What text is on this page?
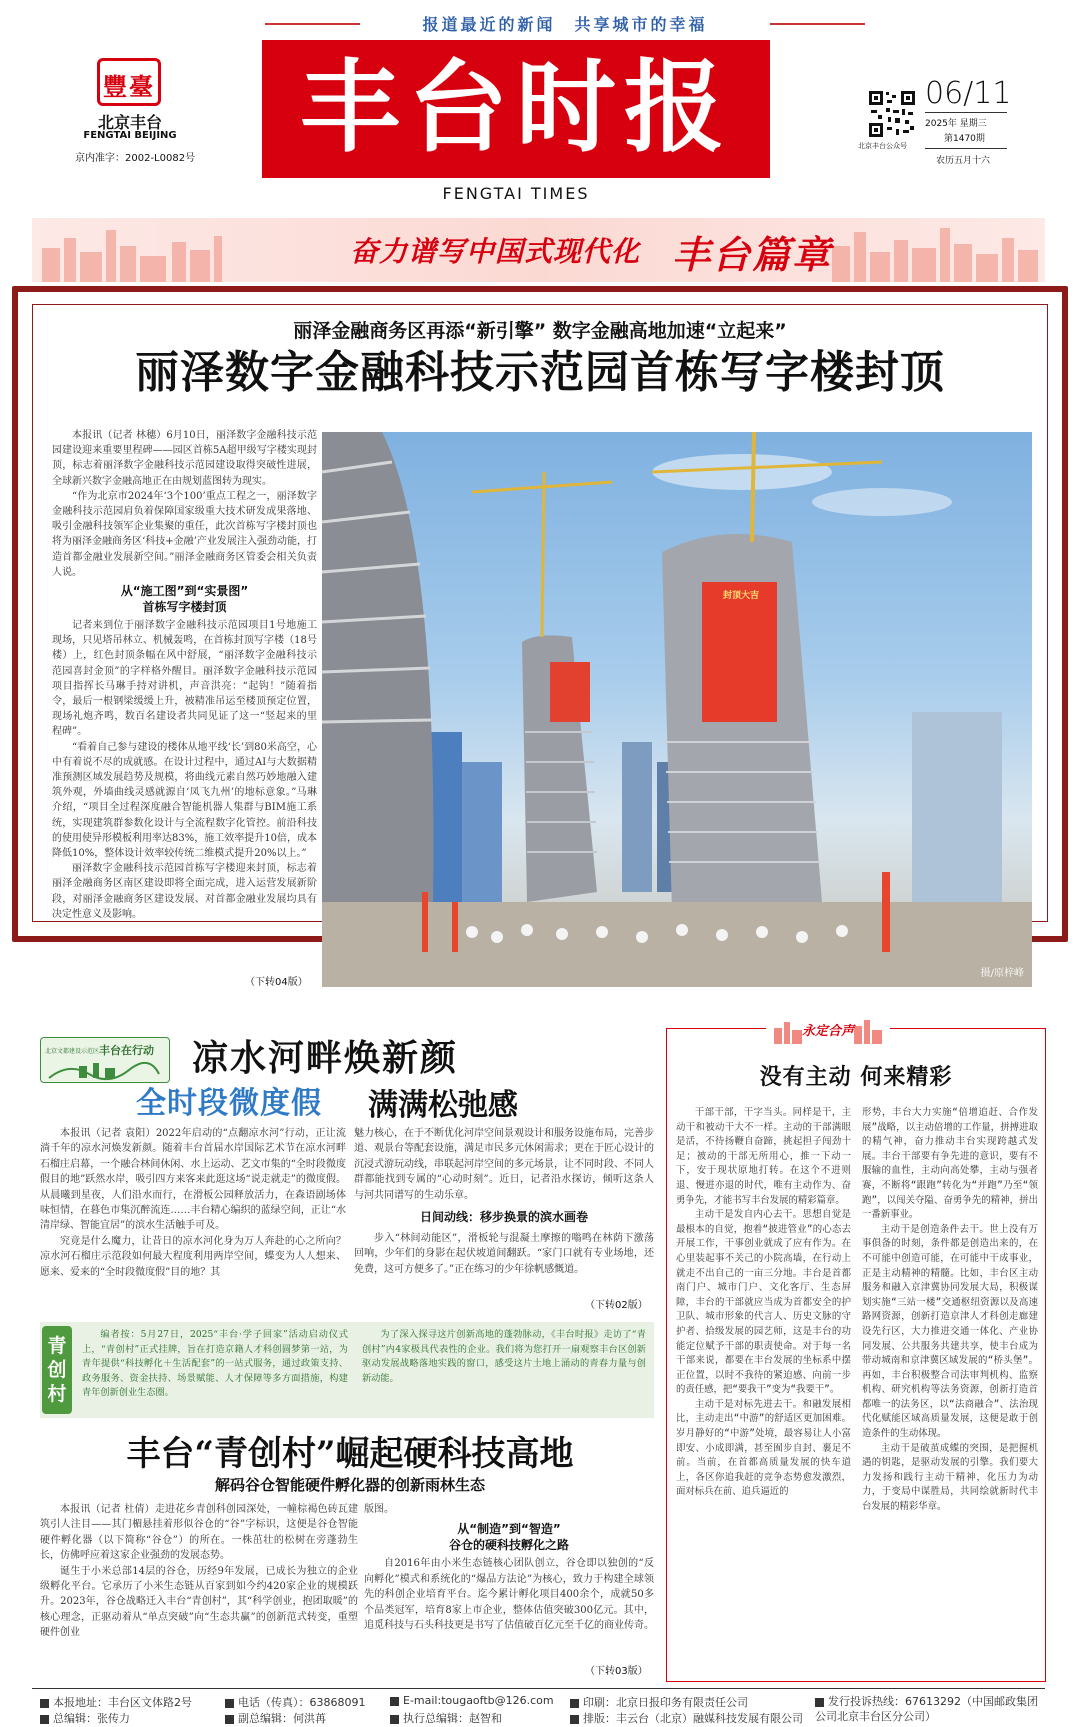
报道最近的新闻　共享城市的幸福
豐臺
北京丰台
FENGTAI BEIJING
京内准字：2002-L0082号	丰台时报
FENGTAI TIMES
北京丰台公众号
06/11
2025年 星期三
第1470期
农历五月十六
奋力谱写中国式现代化 丰台篇章
丽泽金融商务区再添“新引擎” 数字金融高地加速“立起来”
丽泽数字金融科技示范园首栋写字楼封顶

本报讯（记者 林穗）6月10日，丽泽数字金融科技示范园建设迎来重要里程碑——园区首栋5A超甲级写字楼实现封顶，标志着丽泽数字金融科技示范园建设取得突破性进展，全球新兴数字金融高地正在由规划蓝图转为现实。

“作为北京市2024年‘3个100’重点工程之一，丽泽数字金融科技示范园肩负着保障国家级重大技术研发成果落地、吸引金融科技领军企业集聚的重任，此次首栋写字楼封顶也将为丽泽金融商务区‘科技+金融’产业发展注入强劲动能，打造首都金融业发展新空间。”丽泽金融商务区管委会相关负责人说。

从“施工图”到“实景图”
首栋写字楼封顶

记者来到位于丽泽数字金融科技示范园项目1号地施工现场，只见塔吊林立、机械轰鸣，在首栋封顶写字楼（18号楼）上，红色封顶条幅在风中舒展，“丽泽数字金融科技示范园喜封金顶”的字样格外醒目。丽泽数字金融科技示范园项目指挥长马琳手持对讲机，声音洪亮：“起钩！”随着指令，最后一根钢梁缓缓上升，被精准吊运至楼顶预定位置，现场礼炮齐鸣，数百名建设者共同见证了这一“竖起来的里程碑”。

“看着自己参与建设的楼体从地平线‘长’到80米高空，心中有着说不尽的成就感。在设计过程中，通过AI与大数据精准预测区域发展趋势及规模，将曲线元素自然巧妙地融入建筑外观，外墙曲线灵感就源自‘凤飞九州’的地标意象。”马琳介绍，“项目全过程深度融合智能机器人集群与BIM施工系统，实现建筑群参数化设计与全流程数字化管控。前沿科技的使用使异形模板利用率达83%，施工效率提升10倍，成本降低10%，整体设计效率较传统二维模式提升20%以上。”

丽泽数字金融科技示范园首栋写字楼迎来封顶，标志着丽泽金融商务区南区建设即将全面完成，进入运营发展新阶段，对丽泽金融商务区建设发展、对首都金融业发展均具有决定性意义及影响。

（下转04版）
封顶大吉
摄/原梓峰
北京文都建设示范区 丰台在行动 凉水河畔焕新颜
全时段微度假 满满松弛感

本报讯（记者 袁阳）2022年启动的“点翻凉水河”行动，正让流淌千年的凉水河焕发新颜。随着丰台首届水岸国际艺术节在凉水河畔石榴庄启幕，一个融合林间休闲、水上运动、艺文市集的“全时段微度假目的地”跃然水岸，吸引四方来客来此逛这场“说走就走”的微度假。从晨曦到星夜，人们沿水而行，在滑板公园释放活力，在森语剧场体味恒情，在暮色市集沉醉流连……丰台精心编织的蓝绿空间，正让“水清岸绿、智能宜居”的滨水生活触手可及。

究竟是什么魔力，让昔日的凉水河化身为万人奔赴的心之所向？凉水河石榴庄示范段如何最大程度利用两岸空间，蝶变为人人想来、愿来、爱来的“全时段微度假”目的地？其

魅力核心，在于不断优化河岸空间景观设计和服务设施布局，完善步道、观景台等配套设施，满足市民多元休闲需求；更在于匠心设计的沉浸式游玩动线，串联起河岸空间的多元场景，让不同时段、不同人群都能找到专属的“心动时刻”。近日，记者沿水探访，倾听这条人与河共同谱写的生动乐章。

日间动线：移步换景的滨水画卷

步入“林间动能区”，滑板轮与混凝土摩擦的嗡鸣在林荫下激荡回响，少年们的身影在起伏坡道间翻跃。“家门口就有专业场地，还免费，这可方便多了。”正在练习的少年徐帆感慨道。

（下转02版）
青创村
编者按：5月27日，2025“丰台·学子回家”活动启动仪式上，“青创村”正式挂牌，旨在打造京籍人才科创圆梦第一站，为青年提供“科技孵化＋生活配套”的一站式服务，通过政策支持、政务服务、资金扶持、场景赋能、人才保障等多方面措施，构建青年创新创业生态圈。
为了深入探寻这片创新高地的蓬勃脉动，《丰台时报》走访了“青创村”内4家极具代表性的企业。我们将为您打开一扇观察丰台区创新驱动发展战略落地实践的窗口，感受这片土地上涌动的青春力量与创新动能。
丰台“青创村”崛起硬科技高地
解码谷仓智能硬件孵化器的创新雨林生态

本报讯（记者 杜倩）走进花乡青创科创园深处，一幢棕褐色砖瓦建筑引人注目——其门楣悬挂着形似谷仓的“谷”字标识，这便是谷仓智能硬件孵化器（以下简称“谷仓”）的所在。一株茁壮的松树在旁蓬勃生长，仿佛呼应着这家企业强劲的发展态势。

诞生于小米总部14层的谷仓，历经9年发展，已成长为独立的企业级孵化平台。它承历了小米生态链从百家到如今约420家企业的规模跃升。2023年，谷仓战略迁入丰台“青创村”，其“科学创业，抱团取暖”的核心理念，正驱动着从“单点突破”向“生态共赢”的创新范式转变，重塑硬件创业

版图。

从“制造”到“智造”
谷仓的硬科技孵化之路

自2016年由小米生态链核心团队创立，谷仓即以独创的“反向孵化”模式和系统化的“爆品方法论”为核心，致力于构建全球领先的科创企业培育平台。迄今累计孵化项目400余个，成就50多个品类冠军，培育8家上市企业，整体估值突破300亿元。其中，追觅科技与石头科技更是书写了估值破百亿元至千亿的商业传奇。

（下转03版）
永定合声
没有主动 何来精彩

干部干部，干字当头。同样是干，主动干和被动干大不一样。主动的干部满眼是活，不待扬鞭自奋蹄，挑起担子闯劲十足；被动的干部无所用心，推一下动一下，安于现状原地打转。在这个不进则退、慢进亦退的时代，唯有主动作为、奋勇争先，才能书写丰台发展的精彩篇章。

主动干是发自内心去干。思想自觉是最根本的自觉，抱着“披进管业”的心态去开展工作，干事创业就成了应有作为。在心里装起事不关己的小院高墙，在行动上就走不出自己的一亩三分地。丰台是首都南门户、城市门户、文化客厅、生态屏障，丰台的干部就应当成为首都安全的护卫队、城市形象的代言人、历史文脉的守护者、拾级发展的园艺师，这是丰台的功能定位赋予干部的职责使命。对于每一名干部来说，都要在丰台发展的坐标系中摆正位置，以时不我待的紧迫感、向前一步的责任感，把“要我干”变为“我要干”。

主动干是对标先进去干。和融发展相比，主动走出“中游”的舒适区更加困难。岁月静好的“中游”处境，最容易让人小富即安、小成即满，甚至囿步自封、裹足不前。当前，在首都高质量发展的快车道上，各区你追我赶的竞争态势愈发激烈，面对标兵在前、追兵逼近的

形势，丰台大力实施“倍增追赶、合作发展”战略，以主动倍增的工作量，拼搏进取的精气神，奋力推动丰台实现跨越式发展。丰台干部要有争先进的意识，要有不服输的血性，主动向高处攀，主动与强者赛，不断将“跟跑”转化为“并跑”乃至“领跑”，以闯关夺隘、奋勇争先的精神，拼出一番新事业。

主动干是创造条件去干。世上没有万事俱备的时刻，条件都是创造出来的，在不可能中创造可能，在可能中干成事业，正是主动精神的精髓。比如，丰台区主动服务和融入京津冀协同发展大局，积极谋划实施“三站一楼”交通枢纽资源以及高速路网资源，创新打造京津人才科创走廊建设先行区，大力推进交通一体化、产业协同发展、公共服务共建共享，使丰台成为带动城南和京津冀区域发展的“桥头堡”。再如，丰台积极整合司法审判机构、监察机构、研究机构等法务资源，创新打造首都唯一的法务区，以“法商融合”、法治现代化赋能区域高质量发展，这便是敢于创造条件的生动体现。

主动干是破茧成蝶的突围，是把握机遇的钥匙，是驱动发展的引擎。我们要大力发扬和践行主动干精神，化压力为动力，于变局中谋胜局，共同绘就新时代丰台发展的精彩华章。

本报地址：丰台区文体路2号
总编辑：张传力
电话（传真）：63868091
副总编辑：何洪苒
E-mail:tougaoftb@126.com
执行总编辑：赵智和
印刷：北京日报印务有限责任公司
排版：丰云台（北京）融媒科技发展有限公司
发行投诉热线：67613292（中国邮政集团公司北京丰台区分公司）
